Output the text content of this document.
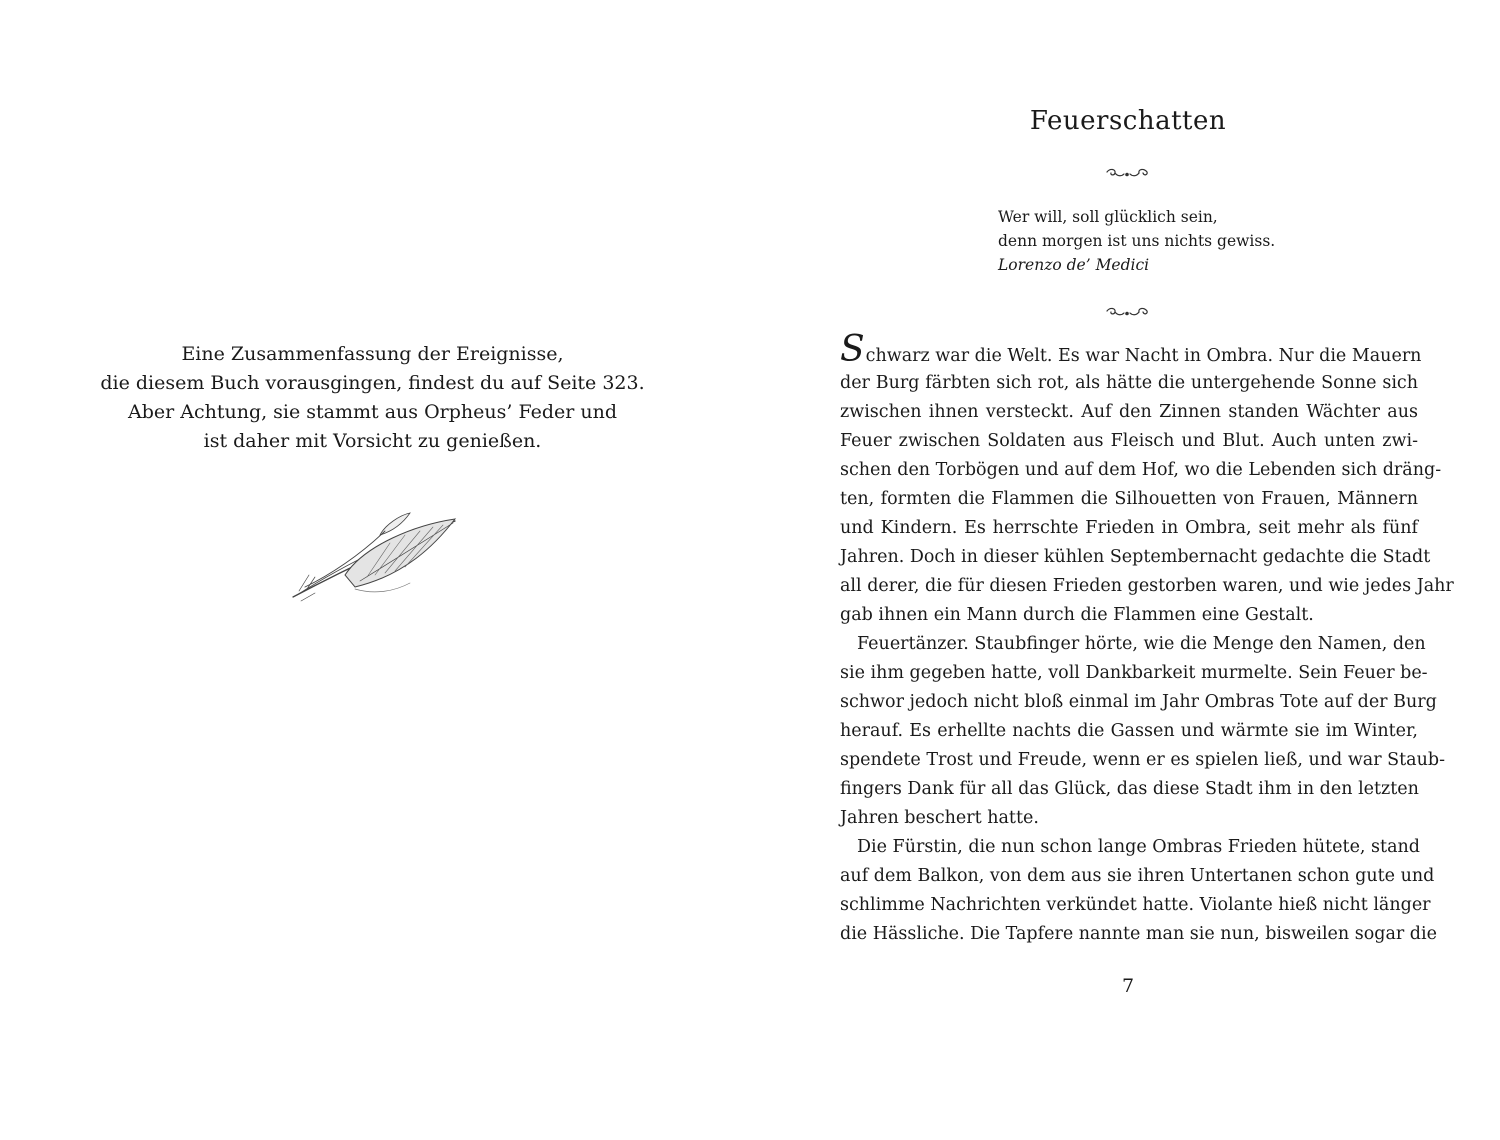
Eine Zusammenfassung der Ereignisse,
die diesem Buch vorausgingen, findest du auf Seite 323.
Aber Achtung, sie stammt aus Orpheus’ Feder und
ist daher mit Vorsicht zu genießen.
Feuerschatten
Wer will, soll glücklich sein,
denn morgen ist uns nichts gewiss.
Lorenzo de’ Medici
Schwarz war die Welt. Es war Nacht in Ombra. Nur die Mauern
der Burg färbten sich rot, als hätte die untergehende Sonne sich
zwischen ihnen versteckt. Auf den Zinnen standen Wächter aus
Feuer zwischen Soldaten aus Fleisch und Blut. Auch unten zwi-
schen den Torbögen und auf dem Hof, wo die Lebenden sich dräng-
ten, formten die Flammen die Silhouetten von Frauen, Männern
und Kindern. Es herrschte Frieden in Ombra, seit mehr als fünf
Jahren. Doch in dieser kühlen Septembernacht gedachte die Stadt
all derer, die für diesen Frieden gestorben waren, und wie jedes Jahr
gab ihnen ein Mann durch die Flammen eine Gestalt.
Feuertänzer. Staubfinger hörte, wie die Menge den Namen, den
sie ihm gegeben hatte, voll Dankbarkeit murmelte. Sein Feuer be-
schwor jedoch nicht bloß einmal im Jahr Ombras Tote auf der Burg
herauf. Es erhellte nachts die Gassen und wärmte sie im Winter,
spendete Trost und Freude, wenn er es spielen ließ, und war Staub-
fingers Dank für all das Glück, das diese Stadt ihm in den letzten
Jahren beschert hatte.
Die Fürstin, die nun schon lange Ombras Frieden hütete, stand
auf dem Balkon, von dem aus sie ihren Untertanen schon gute und
schlimme Nachrichten verkündet hatte. Violante hieß nicht länger
die Hässliche. Die Tapfere nannte man sie nun, bisweilen sogar die
7
